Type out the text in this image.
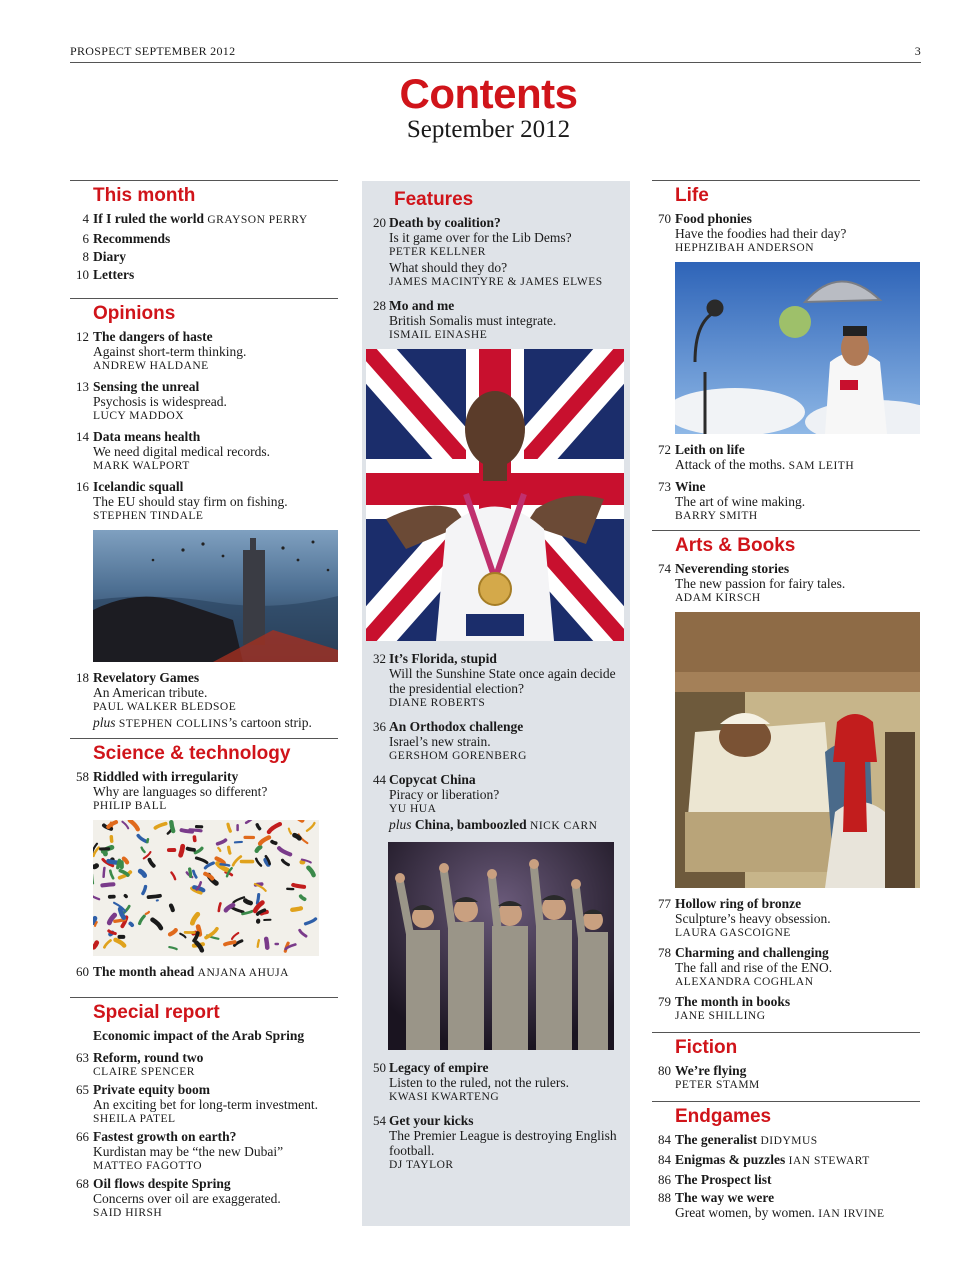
PROSPECT SEPTEMBER 2012	3
Contents
September 2012
This month
4 If I ruled the world GRAYSON PERRY
6 Recommends
8 Diary
10 Letters
Opinions
12 The dangers of haste
Against short-term thinking.
ANDREW HALDANE
13 Sensing the unreal
Psychosis is widespread.
LUCY MADDOX
14 Data means health
We need digital medical records.
MARK WALPORT
16 Icelandic squall
The EU should stay firm on fishing.
STEPHEN TINDALE
18 Revelatory Games
An American tribute.
PAUL WALKER BLEDSOE
plus STEPHEN COLLINS’s cartoon strip.
Science & technology
58 Riddled with irregularity
Why are languages so different?
PHILIP BALL
60 The month ahead ANJANA AHUJA
Special report
Economic impact of the Arab Spring
63 Reform, round two
CLAIRE SPENCER
65 Private equity boom
An exciting bet for long-term investment.
SHEILA PATEL
66 Fastest growth on earth?
Kurdistan may be “the new Dubai”
MATTEO FAGOTTO
68 Oil flows despite Spring
Concerns over oil are exaggerated.
SAID HIRSH
Features
20 Death by coalition?
Is it game over for the Lib Dems?
PETER KELLNER
What should they do?
JAMES MACINTYRE & JAMES ELWES
28 Mo and me
British Somalis must integrate.
ISMAIL EINASHE
32 It’s Florida, stupid
Will the Sunshine State once again decide the presidential election?
DIANE ROBERTS
36 An Orthodox challenge
Israel’s new strain.
GERSHOM GORENBERG
44 Copycat China
Piracy or liberation?
YU HUA
plus China, bamboozled NICK CARN
50 Legacy of empire
Listen to the ruled, not the rulers.
KWASI KWARTENG
54 Get your kicks
The Premier League is destroying English football.
DJ TAYLOR
Life
70 Food phonies
Have the foodies had their day?
HEPHZIBAH ANDERSON
72 Leith on life
Attack of the moths. SAM LEITH
73 Wine
The art of wine making.
BARRY SMITH
Arts & Books
74 Neverending stories
The new passion for fairy tales.
ADAM KIRSCH
77 Hollow ring of bronze
Sculpture’s heavy obsession.
LAURA GASCOIGNE
78 Charming and challenging
The fall and rise of the ENO.
ALEXANDRA COGHLAN
79 The month in books
JANE SHILLING
Fiction
80 We’re flying
PETER STAMM
Endgames
84 The generalist DIDYMUS
84 Enigmas & puzzles IAN STEWART
86 The Prospect list
88 The way we were
Great women, by women. IAN IRVINE
